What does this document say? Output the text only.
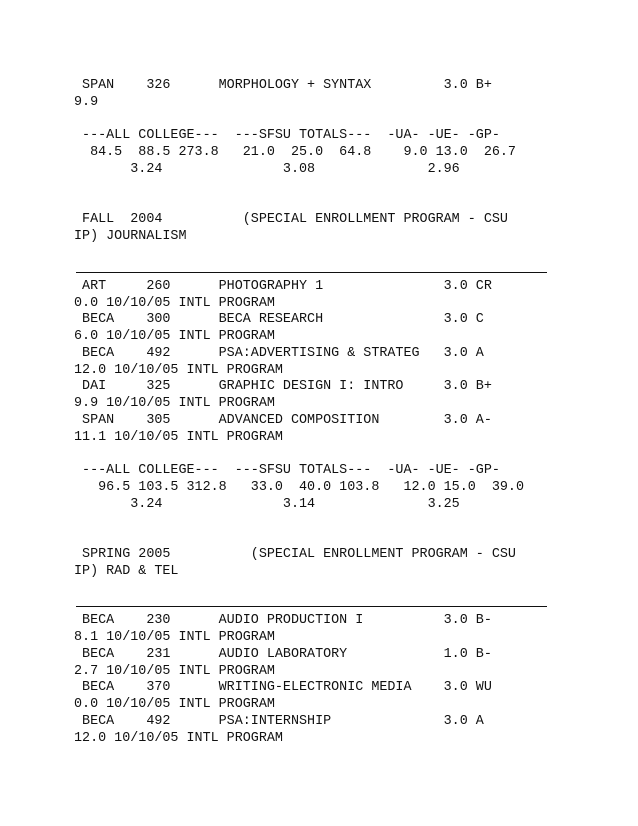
SPAN    326      MORPHOLOGY + SYNTAX         3.0 B+
9.9
---ALL COLLEGE---  ---SFSU TOTALS---  -UA- -UE- -GP-
84.5  88.5 273.8   21.0  25.0  64.8    9.0 13.0  26.7
3.24               3.08              2.96
FALL  2004          (SPECIAL ENROLLMENT PROGRAM - CSU
IP) JOURNALISM
ART     260      PHOTOGRAPHY 1               3.0 CR
0.0 10/10/05 INTL PROGRAM
BECA    300      BECA RESEARCH               3.0 C
6.0 10/10/05 INTL PROGRAM
BECA    492      PSA:ADVERTISING & STRATEG   3.0 A
12.0 10/10/05 INTL PROGRAM
DAI     325      GRAPHIC DESIGN I: INTRO     3.0 B+
9.9 10/10/05 INTL PROGRAM
SPAN    305      ADVANCED COMPOSITION        3.0 A-
11.1 10/10/05 INTL PROGRAM
---ALL COLLEGE---  ---SFSU TOTALS---  -UA- -UE- -GP-
96.5 103.5 312.8   33.0  40.0 103.8   12.0 15.0  39.0
3.24               3.14              3.25
SPRING 2005          (SPECIAL ENROLLMENT PROGRAM - CSU
IP) RAD & TEL
BECA    230      AUDIO PRODUCTION I          3.0 B-
8.1 10/10/05 INTL PROGRAM
BECA    231      AUDIO LABORATORY            1.0 B-
2.7 10/10/05 INTL PROGRAM
BECA    370      WRITING-ELECTRONIC MEDIA    3.0 WU
0.0 10/10/05 INTL PROGRAM
BECA    492      PSA:INTERNSHIP              3.0 A
12.0 10/10/05 INTL PROGRAM
